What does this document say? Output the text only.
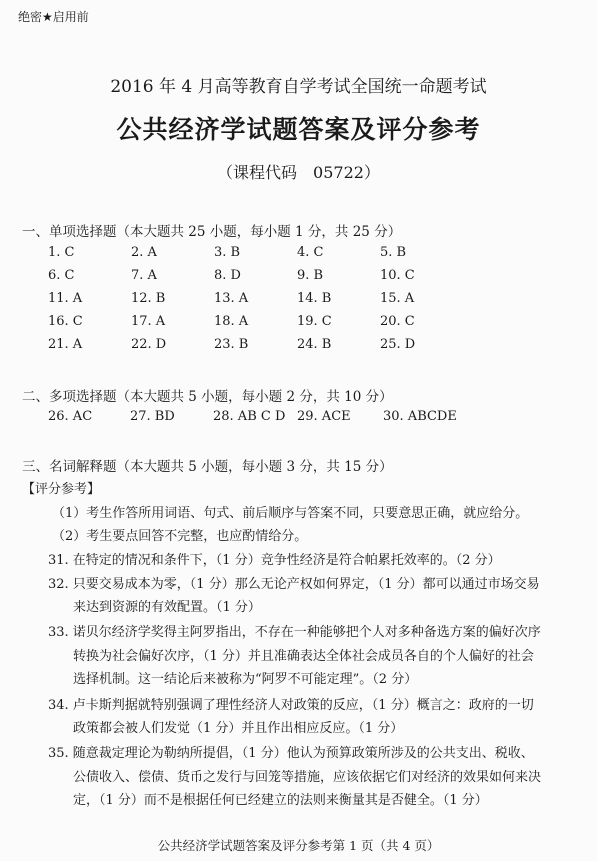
绝密★启用前
2016 年 4 月高等教育自学考试全国统一命题考试
公共经济学试题答案及评分参考
（课程代码　05722）
一、单项选择题（本大题共 25 小题，每小题 1 分，共 25 分）
1. C	2. A	3. B	4. C	5. B
6. C	7. A	8. D	9. B	10. C
11. A	12. B	13. A	14. B	15. A
16. C	17. A	18. A	19. C	20. C
21. A	22. D	23. B	24. B	25. D
二、多项选择题（本大题共 5 小题，每小题 2 分，共 10 分）
26. AC	27. BD	28. AB C D 29. ACE 30. ABCDE
三、名词解释题（本大题共 5 小题，每小题 3 分，共 15 分）
【评分参考】
（1）考生作答所用词语、句式、前后顺序与答案不同，只要意思正确，就应给分。
（2）考生要点回答不完整，也应酌情给分。
31. 在特定的情况和条件下，（1 分）竞争性经济是符合帕累托效率的。（2 分）
32. 只要交易成本为零，（1 分）那么无论产权如何界定，（1 分）都可以通过市场交易
来达到资源的有效配置。（1 分）
33. 诺贝尔经济学奖得主阿罗指出，不存在一种能够把个人对多种备选方案的偏好次序
转换为社会偏好次序，（1 分）并且准确表达全体社会成员各自的个人偏好的社会
选择机制。这一结论后来被称为“阿罗不可能定理”。（2 分）
34. 卢卡斯判据就特别强调了理性经济人对政策的反应，（1 分）概言之：政府的一切
政策都会被人们发觉（1 分）并且作出相应反应。（1 分）
35. 随意裁定理论为勒纳所提倡，（1 分）他认为预算政策所涉及的公共支出、税收、
公债收入、偿债、货币之发行与回笼等措施，应该依据它们对经济的效果如何来决
定，（1 分）而不是根据任何已经建立的法则来衡量其是否健全。（1 分）
公共经济学试题答案及评分参考第 1 页（共 4 页）
